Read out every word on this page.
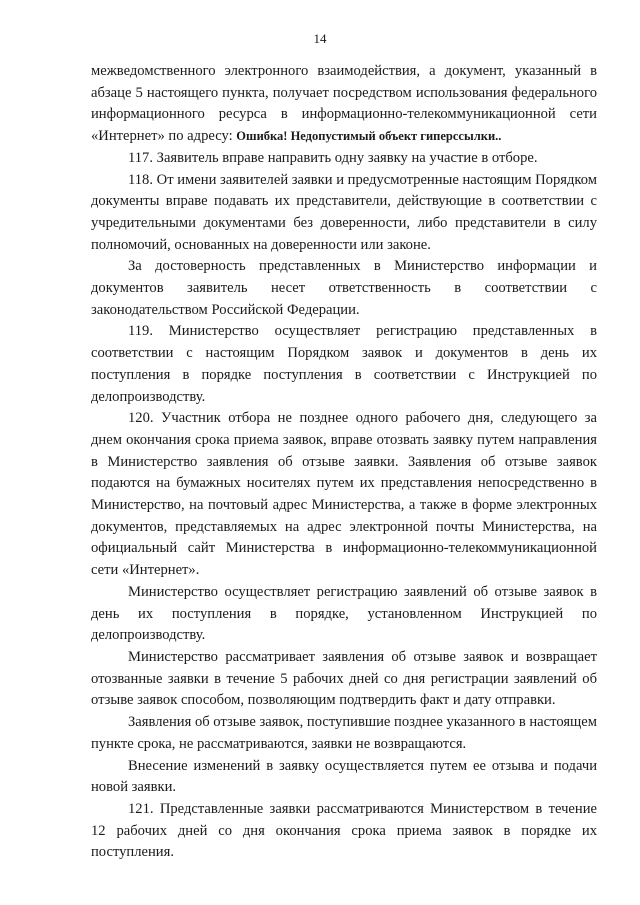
14

межведомственного электронного взаимодействия, а документ, указанный в абзаце 5 настоящего пункта, получает посредством использования федерального информационного ресурса в информационно-телекоммуникационной сети «Интернет» по адресу: Ошибка! Недопустимый объект гиперссылки..

117. Заявитель вправе направить одну заявку на участие в отборе.

118. От имени заявителей заявки и предусмотренные настоящим Порядком документы вправе подавать их представители, действующие в соответствии с учредительными документами без доверенности, либо представители в силу полномочий, основанных на доверенности или законе.

За достоверность представленных в Министерство информации и документов заявитель несет ответственность в соответствии с законодательством Российской Федерации.

119. Министерство осуществляет регистрацию представленных в соответствии с настоящим Порядком заявок и документов в день их поступления в порядке поступления в соответствии с Инструкцией по делопроизводству.

120. Участник отбора не позднее одного рабочего дня, следующего за днем окончания срока приема заявок, вправе отозвать заявку путем направления в Министерство заявления об отзыве заявки. Заявления об отзыве заявок подаются на бумажных носителях путем их представления непосредственно в Министерство, на почтовый адрес Министерства, а также в форме электронных документов, представляемых на адрес электронной почты Министерства, на официальный сайт Министерства в информационно-телекоммуникационной сети «Интернет».

Министерство осуществляет регистрацию заявлений об отзыве заявок в день их поступления в порядке, установленном Инструкцией по делопроизводству.

Министерство рассматривает заявления об отзыве заявок и возвращает отозванные заявки в течение 5 рабочих дней со дня регистрации заявлений об отзыве заявок способом, позволяющим подтвердить факт и дату отправки.

Заявления об отзыве заявок, поступившие позднее указанного в настоящем пункте срока, не рассматриваются, заявки не возвращаются.

Внесение изменений в заявку осуществляется путем ее отзыва и подачи новой заявки.

121. Представленные заявки рассматриваются Министерством в течение 12 рабочих дней со дня окончания срока приема заявок в порядке их поступления.
